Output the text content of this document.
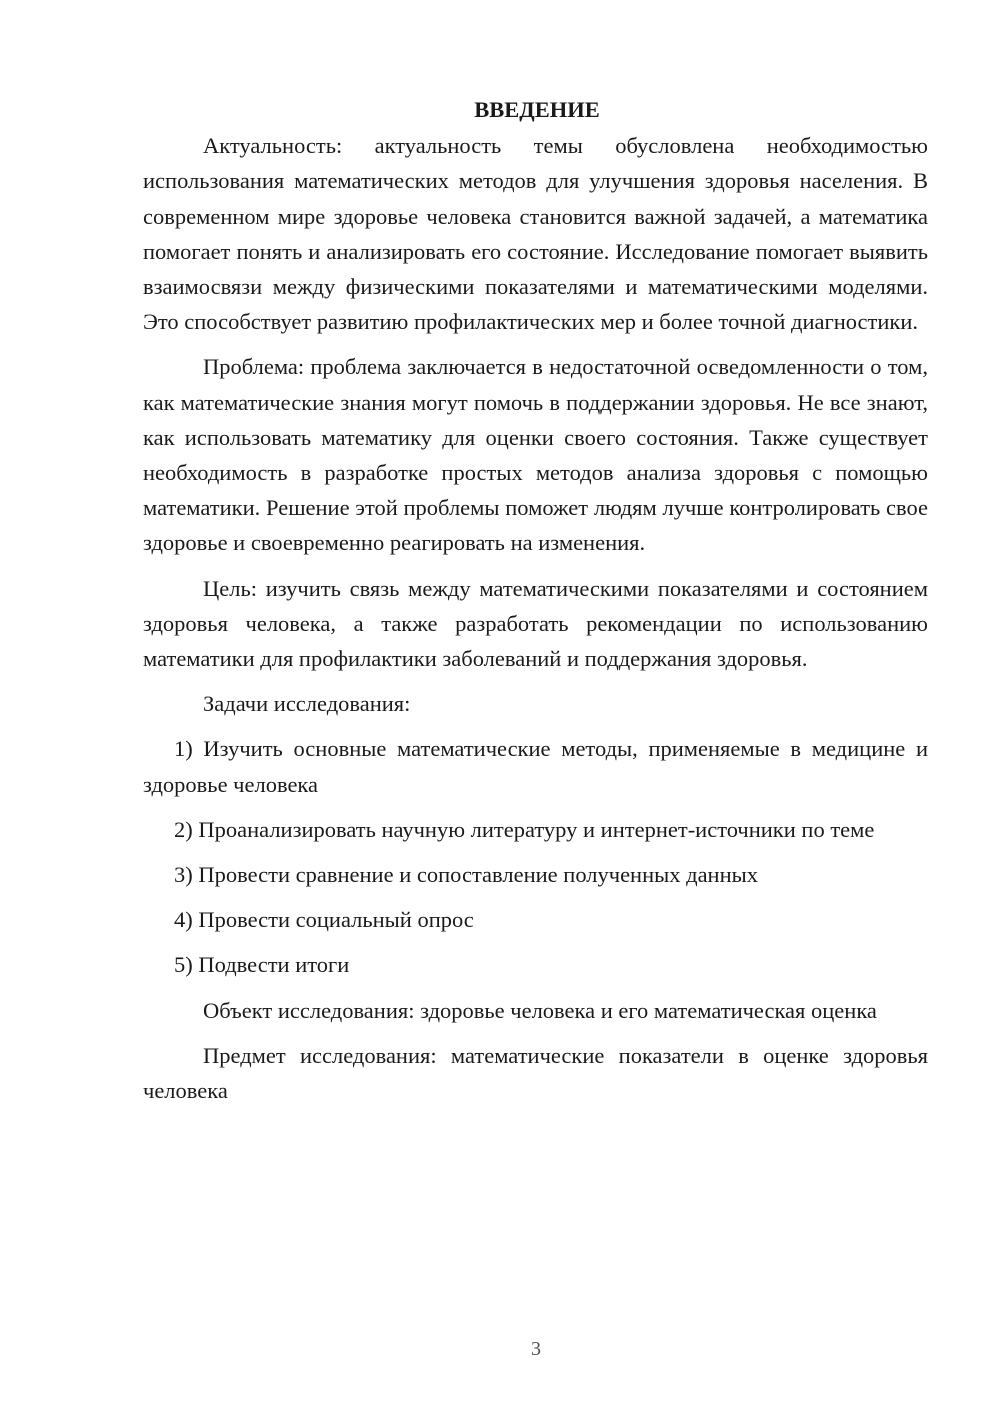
ВВЕДЕНИЕ

Актуальность: актуальность темы обусловлена необходимостью использования математических методов для улучшения здоровья населения. В современном мире здоровье человека становится важной задачей, а математика помогает понять и анализировать его состояние. Исследование помогает выявить взаимосвязи между физическими показателями и математическими моделями. Это способствует развитию профилактических мер и более точной диагностики.

Проблема: проблема заключается в недостаточной осведомленности о том, как математические знания могут помочь в поддержании здоровья. Не все знают, как использовать математику для оценки своего состояния. Также существует необходимость в разработке простых методов анализа здоровья с помощью математики. Решение этой проблемы поможет людям лучше контролировать свое здоровье и своевременно реагировать на изменения.

Цель: изучить связь между математическими показателями и состоянием здоровья человека, а также разработать рекомендации по использованию математики для профилактики заболеваний и поддержания здоровья.

Задачи исследования:

1) Изучить основные математические методы, применяемые в медицине и здоровье человека

2) Проанализировать научную литературу и интернет-источники по теме

3) Провести сравнение и сопоставление полученных данных

4) Провести социальный опрос

5) Подвести итоги

Объект исследования: здоровье человека и его математическая оценка

Предмет исследования: математические показатели в оценке здоровья человека

3
